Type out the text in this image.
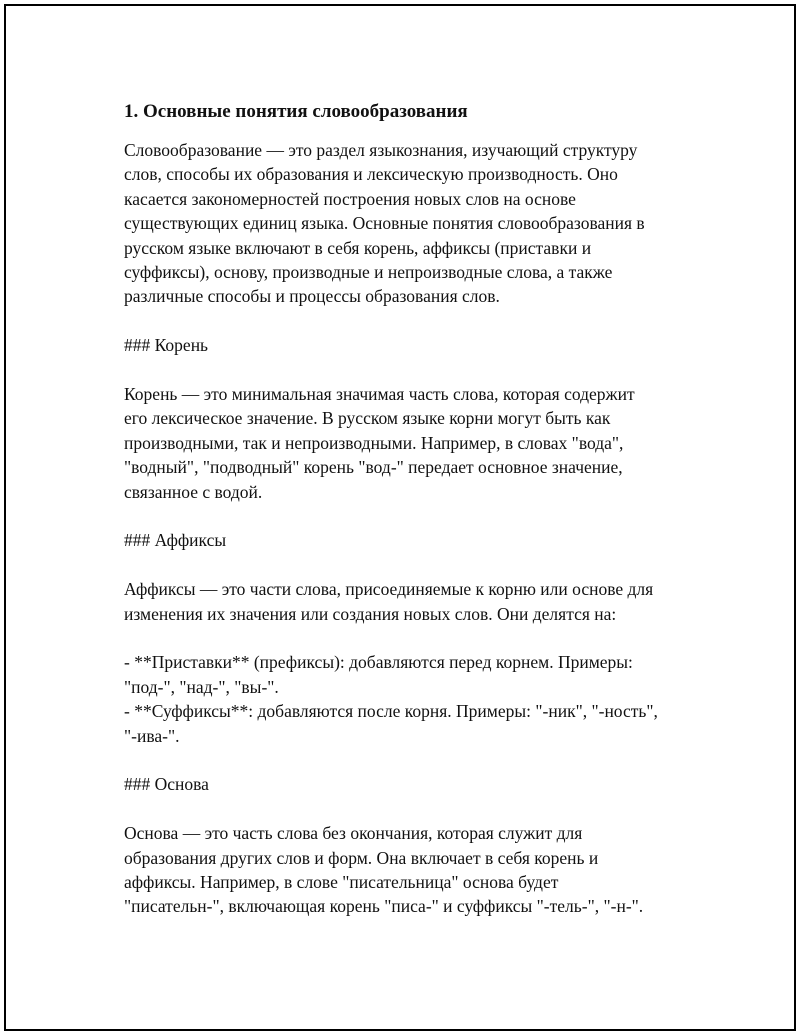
1. Основные понятия словообразования

Словообразование — это раздел языкознания, изучающий структуру
слов, способы их образования и лексическую производность. Оно
касается закономерностей построения новых слов на основе
существующих единиц языка. Основные понятия словообразования в
русском языке включают в себя корень, аффиксы (приставки и
суффиксы), основу, производные и непроизводные слова, а также
различные способы и процессы образования слов.

### Корень

Корень — это минимальная значимая часть слова, которая содержит
его лексическое значение. В русском языке корни могут быть как
производными, так и непроизводными. Например, в словах "вода",
"водный", "подводный" корень "вод-" передает основное значение,
связанное с водой.

### Аффиксы

Аффиксы — это части слова, присоединяемые к корню или основе для
изменения их значения или создания новых слов. Они делятся на:

- **Приставки** (префиксы): добавляются перед корнем. Примеры:
"под-", "над-", "вы-".
- **Суффиксы**: добавляются после корня. Примеры: "-ник", "-ность",
"-ива-".

### Основа

Основа — это часть слова без окончания, которая служит для
образования других слов и форм. Она включает в себя корень и
аффиксы. Например, в слове "писательница" основа будет
"писательн-", включающая корень "писа-" и суффиксы "-тель-", "-н-".
